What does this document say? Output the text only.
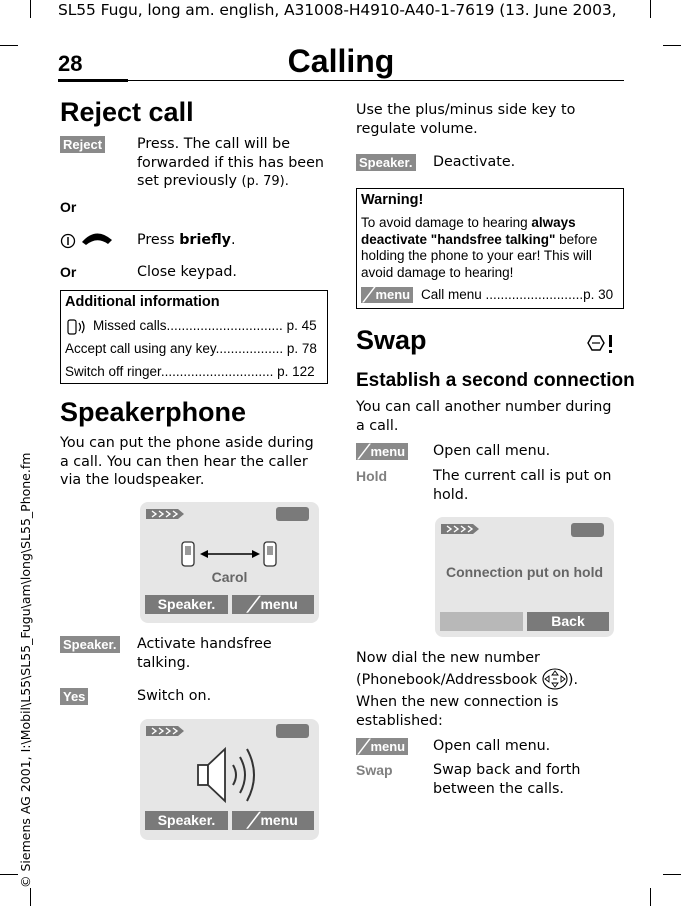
SL55 Fugu, long am. english, A31008-H4910-A40-1-7619 (13. June 2003,
28	Calling
© Siemens AG 2001, I:\Mobil\L55\SL55_Fugu\am\long\SL55_Phone.fm
Reject call
Reject Press. The call will be forwarded if this has been set previously (p. 79).
Or
Press briefly.
Or	Close keypad.
Additional information
Missed calls............................... p. 45
Accept call using any key.................. p. 78
Switch off ringer.............................. p. 122
Speakerphone
You can put the phone aside during a call. You can then hear the caller via the loudspeaker.
Carol
Speaker.	╱ menu
Speaker. Activate handsfree talking.
Yes	Switch on.
Speaker.	╱ menu
Use the plus/minus side key to regulate volume.
Speaker. Deactivate.
Warning!
To avoid damage to hearing always deactivate "handsfree talking" before holding the phone to your ear! This will avoid damage to hearing!
╱ menu Call menu ..........................p. 30
Swap
Establish a second connection
You can call another number during a call.
╱ menu Open call menu.
Hold	The current call is put on hold.
Connection put on hold
Back
Now dial the new number (Phonebook/Addressbook ).
When the new connection is established:
╱ menu Open call menu.
Swap	Swap back and forth between the calls.
